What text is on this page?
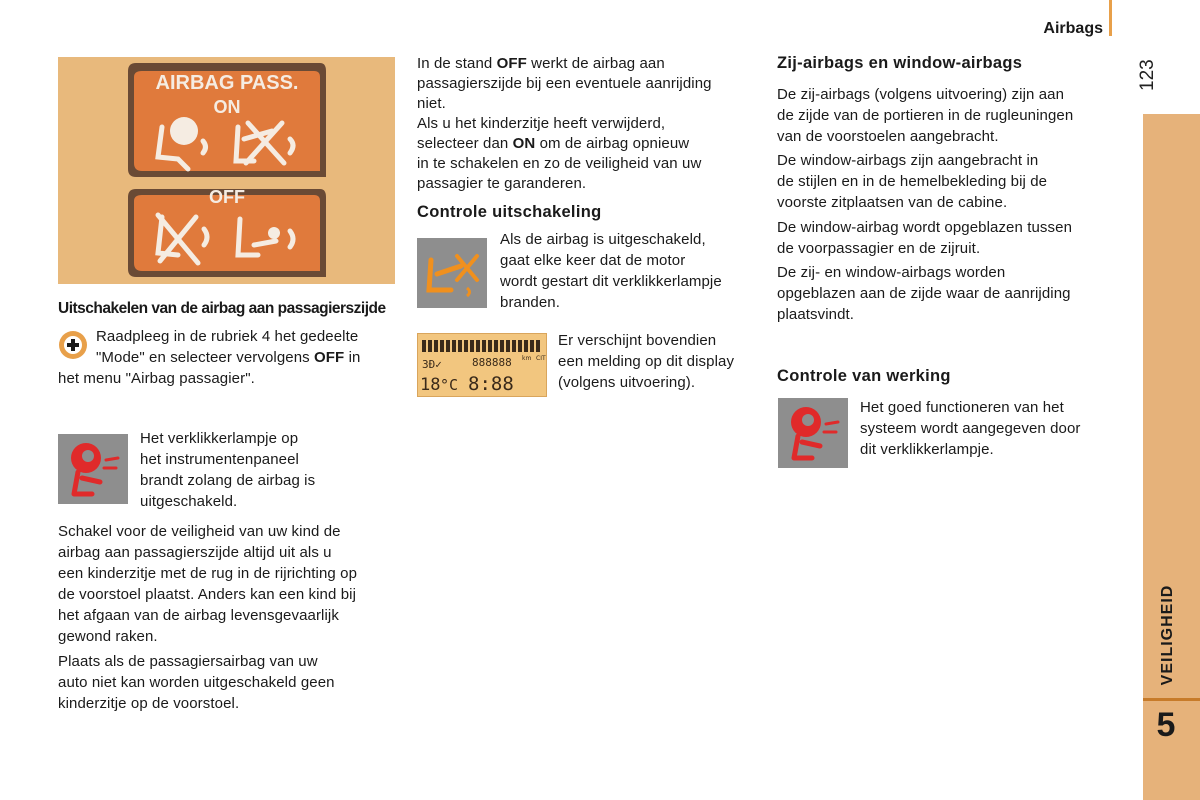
Airbags
123
VEILIGHEID
5
AIRBAG PASS.
ON
OFF
Uitschakelen van de airbag aan passagierszijde
Raadpleeg in de rubriek 4 het gedeelte
"Mode" en selecteer vervolgens OFF in
het menu "Airbag passagier".
Het verklikkerlampje op
het instrumentenpaneel
brandt zolang de airbag is
uitgeschakeld.
Schakel voor de veiligheid van uw kind de
airbag aan passagierszijde altijd uit als u
een kinderzitje met de rug in de rijrichting op
de voorstoel plaatst. Anders kan een kind bij
het afgaan van de airbag levensgevaarlijk
gewond raken.
Plaats als de passagiersairbag van uw
auto niet kan worden uitgeschakeld geen
kinderzitje op de voorstoel.
In de stand OFF werkt de airbag aan
passagierszijde bij een eventuele aanrijding
niet.
Als u het kinderzitje heeft verwijderd,
selecteer dan ON om de airbag opnieuw
in te schakelen en zo de veiligheid van uw
passagier te garanderen.
Controle uitschakeling
Als de airbag is uitgeschakeld,
gaat elke keer dat de motor
wordt gestart dit verklikkerlampje
branden.
3Ð✓	888888 km CIT
18 °C 8:88
Er verschijnt bovendien
een melding op dit display
(volgens uitvoering).
Zij-airbags en window-airbags
De zij-airbags (volgens uitvoering) zijn aan
de zijde van de portieren in de rugleuningen
van de voorstoelen aangebracht.
De window-airbags zijn aangebracht in
de stijlen en in de hemelbekleding bij de
voorste zitplaatsen van de cabine.
De window-airbag wordt opgeblazen tussen
de voorpassagier en de zijruit.
De zij- en window-airbags worden
opgeblazen aan de zijde waar de aanrijding
plaatsvindt.
Controle van werking
Het goed functioneren van het
systeem wordt aangegeven door
dit verklikkerlampje.
